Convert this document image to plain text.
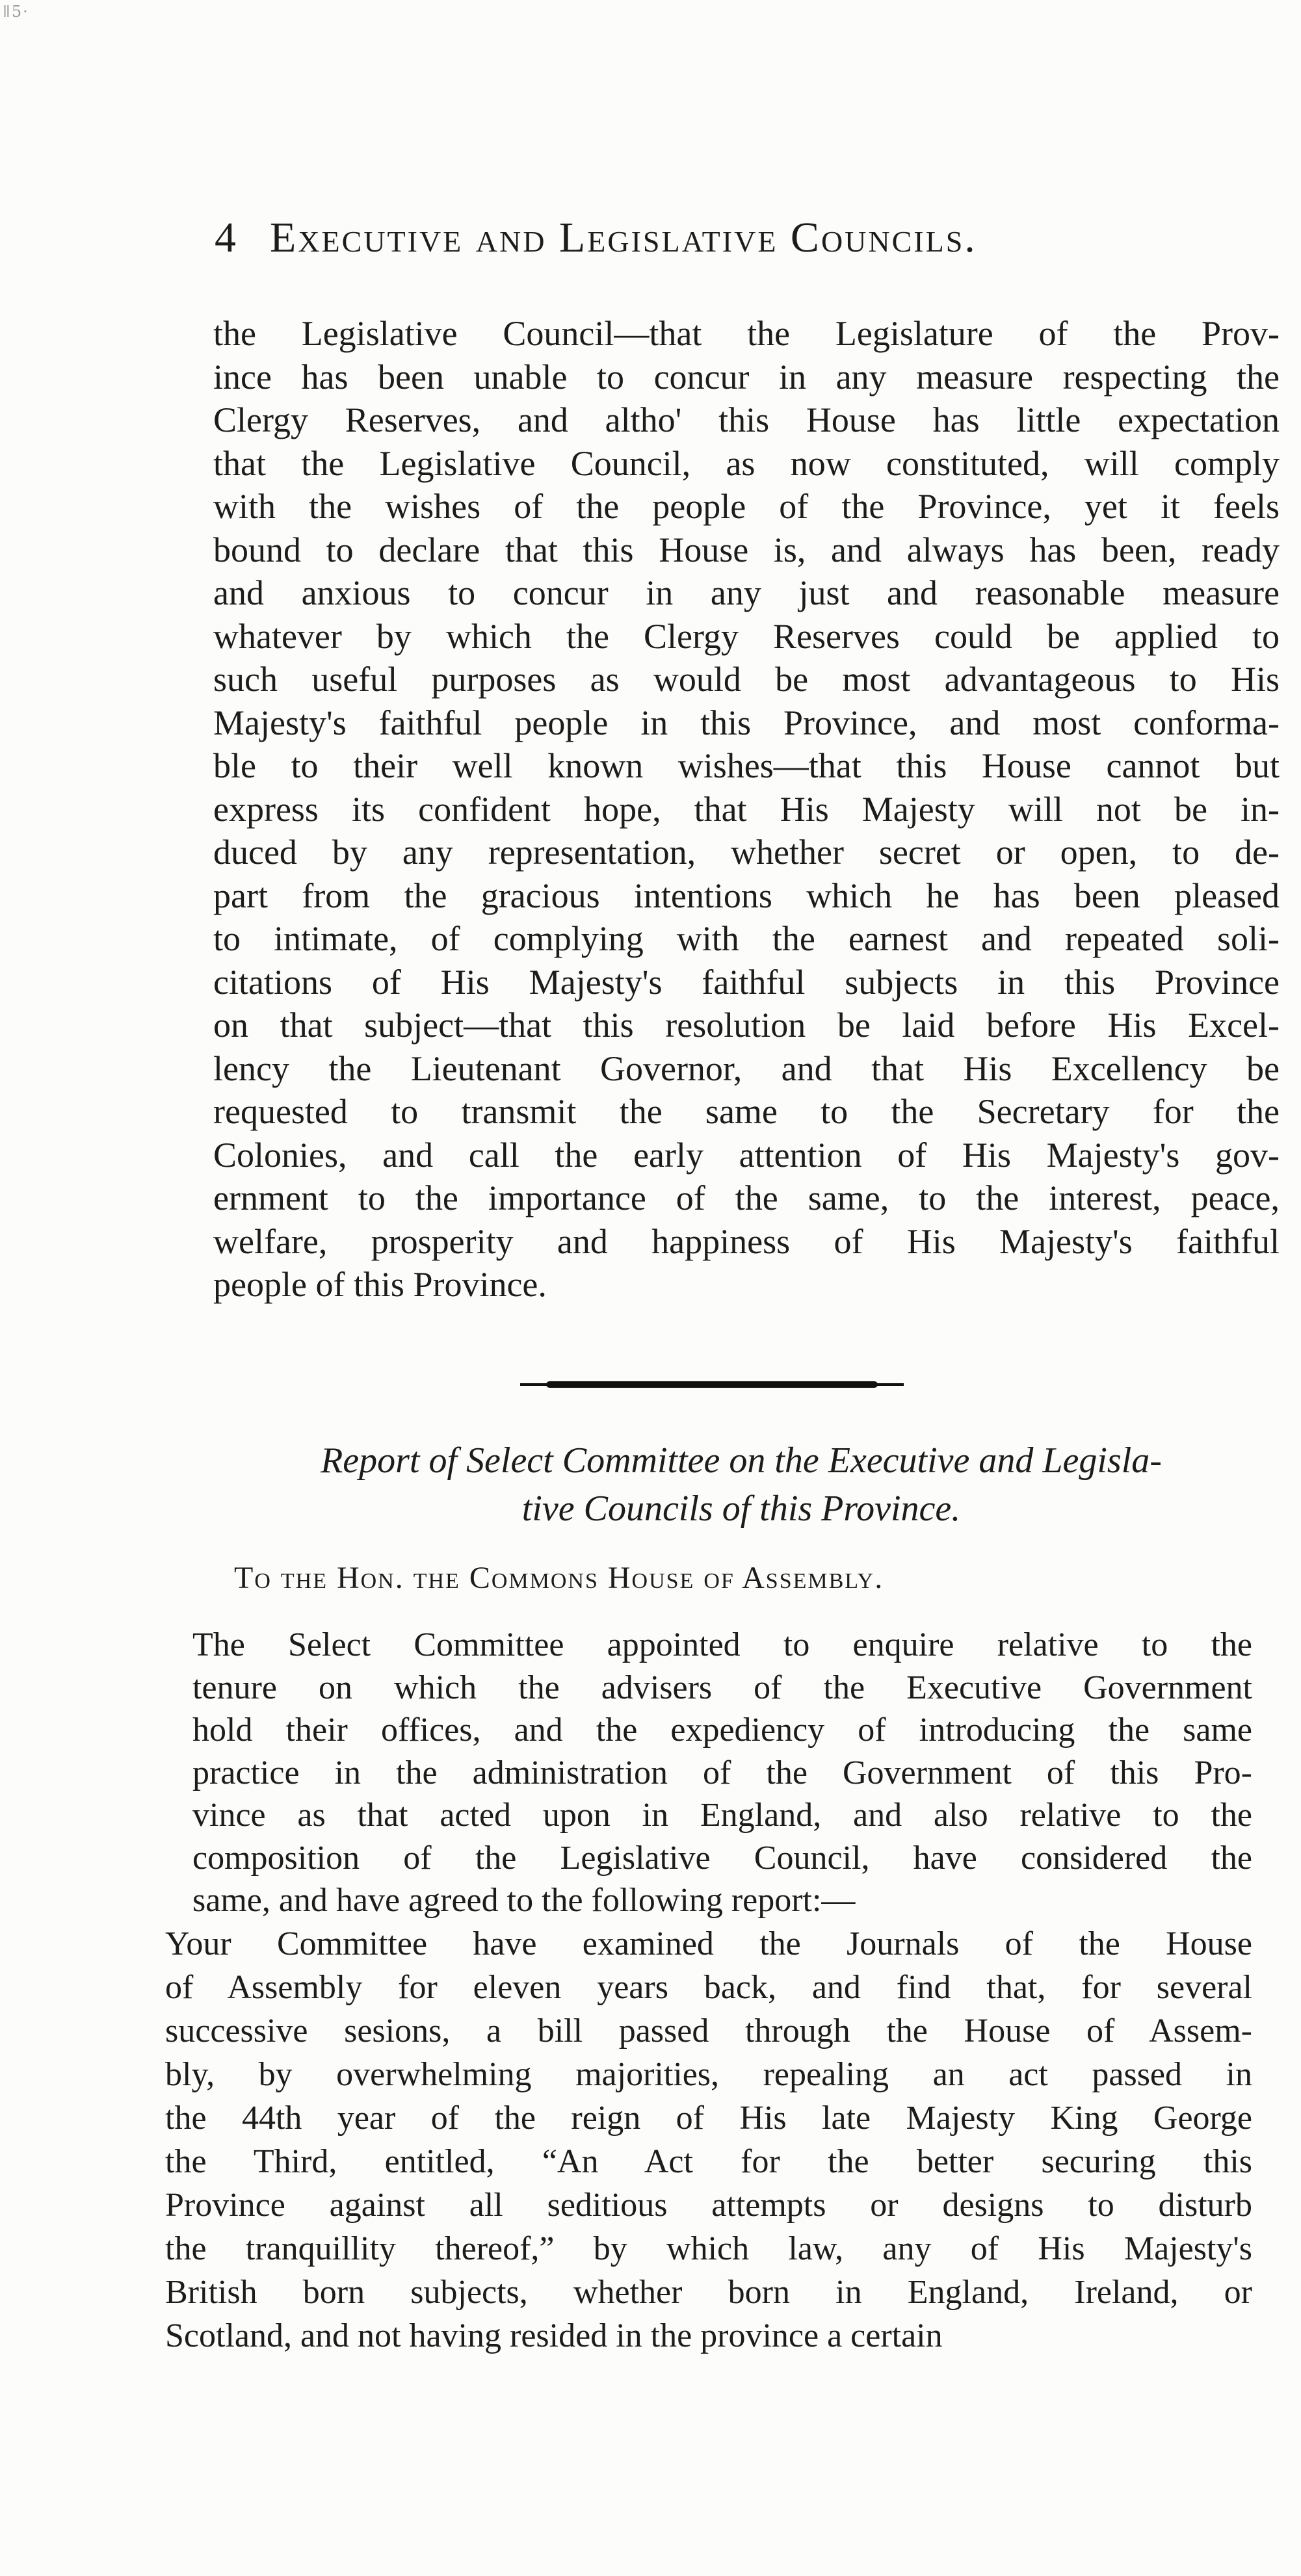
ǁ5·
4 Executive and Legislative Councils.
the Legislative Council—that the Legislature of the Prov-
ince has been unable to concur in any measure respecting the
Clergy Reserves, and altho' this House has little expectation
that the Legislative Council, as now constituted, will comply
with the wishes of the people of the Province, yet it feels
bound to declare that this House is, and always has been, ready
and anxious to concur in any just and reasonable measure
whatever by which the Clergy Reserves could be applied to
such useful purposes as would be most advantageous to His
Majesty's faithful people in this Province, and most conforma-
ble to their well known wishes—that this House cannot but
express its confident hope, that His Majesty will not be in-
duced by any representation, whether secret or open, to de-
part from the gracious intentions which he has been pleased
to intimate, of complying with the earnest and repeated soli-
citations of His Majesty's faithful subjects in this Province
on that subject—that this resolution be laid before His Excel-
lency the Lieutenant Governor, and that His Excellency be
requested to transmit the same to the Secretary for the
Colonies, and call the early attention of His Majesty's gov-
ernment to the importance of the same, to the interest, peace,
welfare, prosperity and happiness of His Majesty's faithful
people of this Province.
Report of Select Committee on the Executive and Legisla-
tive Councils of this Province.
To the Hon. the Commons House of Assembly.
The Select Committee appointed to enquire relative to the
tenure on which the advisers of the Executive Government
hold their offices, and the expediency of introducing the same
practice in the administration of the Government of this Pro-
vince as that acted upon in England, and also relative to the
composition of the Legislative Council, have considered the
same, and have agreed to the following report:—
Your Committee have examined the Journals of the House
of Assembly for eleven years back, and find that, for several
successive sesions, a bill passed through the House of Assem-
bly, by overwhelming majorities, repealing an act passed in
the 44th year of the reign of His late Majesty King George
the Third, entitled, “An Act for the better securing this
Province against all seditious attempts or designs to disturb
the tranquillity thereof,” by which law, any of His Majesty's
British born subjects, whether born in England, Ireland, or
Scotland, and not having resided in the province a certain
